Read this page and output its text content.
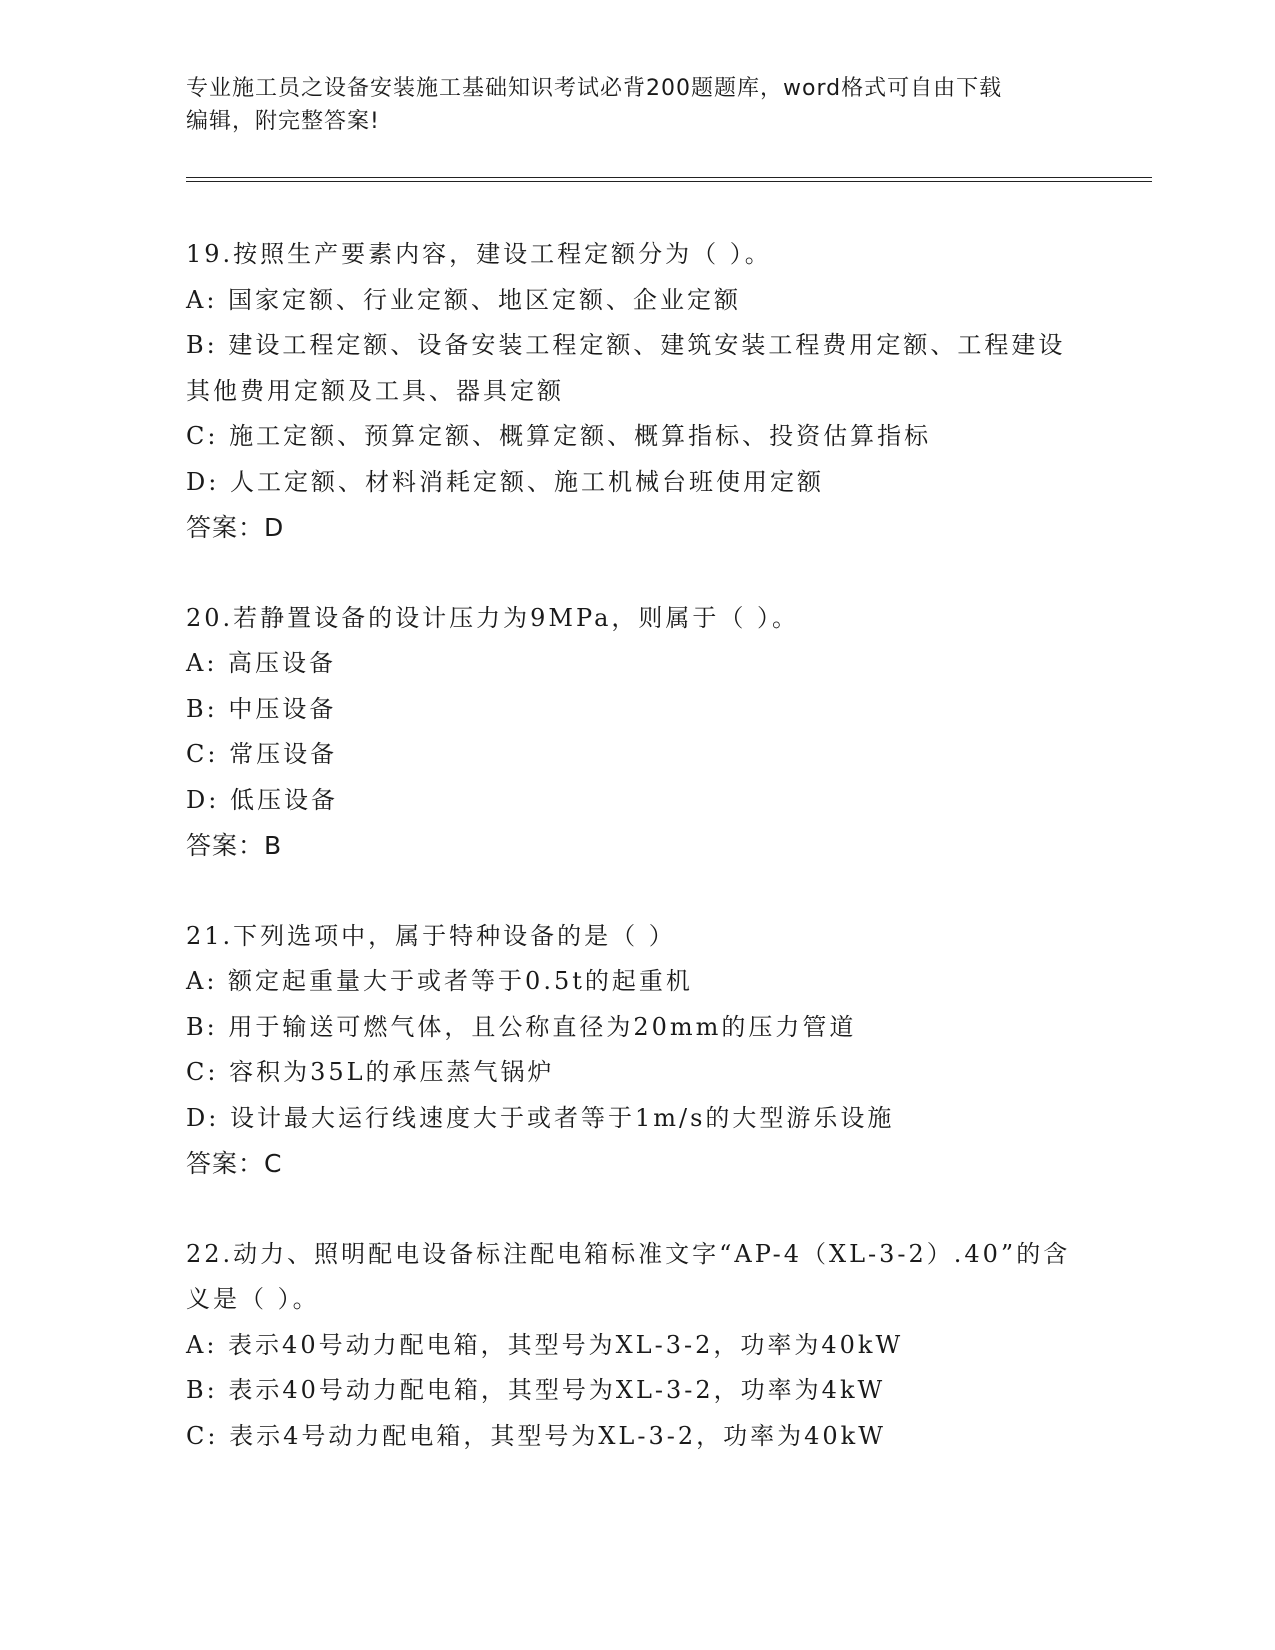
专业施工员之设备安装施工基础知识考试必背200题题库，word格式可自由下载
编辑，附完整答案!
19.按照生产要素内容，建设工程定额分为（ ）。
A: 国家定额、行业定额、地区定额、企业定额
B: 建设工程定额、设备安装工程定额、建筑安装工程费用定额、工程建设其他费用定额及工具、器具定额
C: 施工定额、预算定额、概算定额、概算指标、投资估算指标
D: 人工定额、材料消耗定额、施工机械台班使用定额
答案：D
20.若静置设备的设计压力为9MPa，则属于（ ）。
A: 高压设备
B: 中压设备
C: 常压设备
D: 低压设备
答案：B
21.下列选项中，属于特种设备的是（ ）
A: 额定起重量大于或者等于0.5t的起重机
B: 用于输送可燃气体，且公称直径为20mm的压力管道
C: 容积为35L的承压蒸气锅炉
D: 设计最大运行线速度大于或者等于1m/s的大型游乐设施
答案：C
22.动力、照明配电设备标注配电箱标准文字“AP-4（XL-3-2）.40”的含义是（ ）。
A: 表示40号动力配电箱，其型号为XL-3-2，功率为40kW
B: 表示40号动力配电箱，其型号为XL-3-2，功率为4kW
C: 表示4号动力配电箱，其型号为XL-3-2，功率为40kW
